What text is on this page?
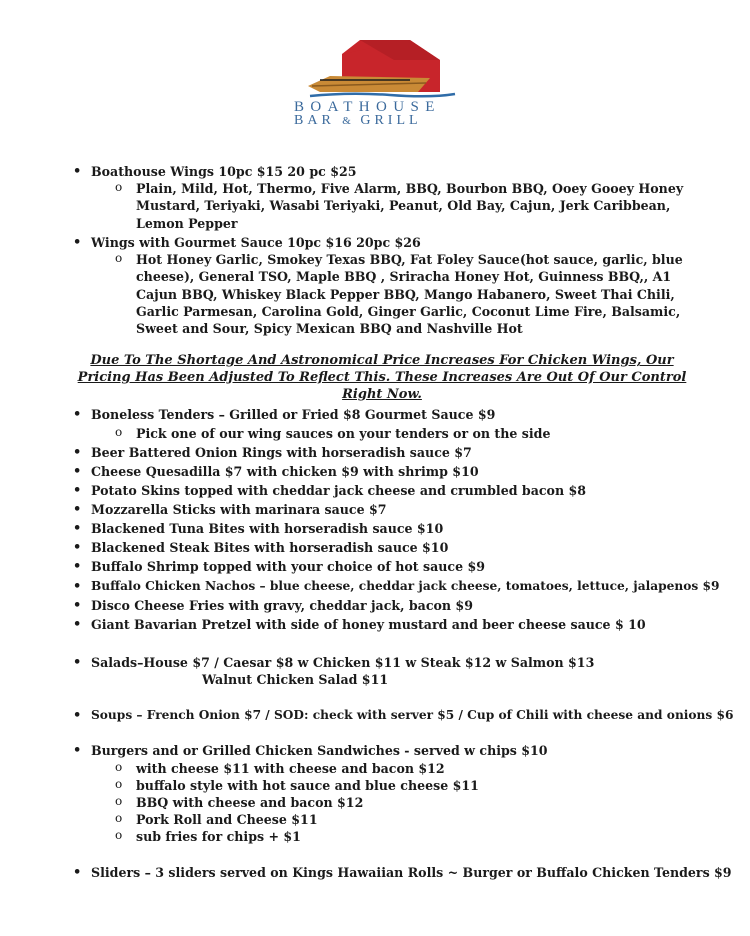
BOATHOUSE
BAR & GRILL
Boathouse Wings 10pc $15 20 pc $25
Plain, Mild, Hot, Thermo, Five Alarm, BBQ, Bourbon BBQ, Ooey Gooey Honey Mustard, Teriyaki, Wasabi Teriyaki, Peanut, Old Bay, Cajun, Jerk Caribbean, Lemon Pepper
Wings with Gourmet Sauce 10pc $16 20pc $26
Hot Honey Garlic, Smokey Texas BBQ, Fat Foley Sauce(hot sauce, garlic, blue cheese), General TSO, Maple BBQ , Sriracha Honey Hot, Guinness BBQ,, A1 Cajun BBQ, Whiskey Black Pepper BBQ, Mango Habanero, Sweet Thai Chili, Garlic Parmesan, Carolina Gold, Ginger Garlic, Coconut Lime Fire, Balsamic, Sweet and Sour, Spicy Mexican BBQ and Nashville Hot
Due To The Shortage And Astronomical Price Increases For Chicken Wings, Our Pricing Has Been Adjusted To Reflect This. These Increases Are Out Of Our Control Right Now.
Boneless Tenders – Grilled or Fried $8 Gourmet Sauce $9
Pick one of our wing sauces on your tenders or on the side
Beer Battered Onion Rings with horseradish sauce $7
Cheese Quesadilla $7 with chicken $9 with shrimp $10
Potato Skins topped with cheddar jack cheese and crumbled bacon $8
Mozzarella Sticks with marinara sauce $7
Blackened Tuna Bites with horseradish sauce $10
Blackened Steak Bites with horseradish sauce $10
Buffalo Shrimp topped with your choice of hot sauce $9
Buffalo Chicken Nachos – blue cheese, cheddar jack cheese, tomatoes, lettuce, jalapenos $9
Disco Cheese Fries with gravy, cheddar jack, bacon $9
Giant Bavarian Pretzel with side of honey mustard and beer cheese sauce $ 10
Salads–House $7 / Caesar $8 w Chicken $11 w Steak $12 w Salmon $13
Walnut Chicken Salad $11
Soups – French Onion $7 / SOD: check with server $5 / Cup of Chili with cheese and onions $6
Burgers and or Grilled Chicken Sandwiches - served w chips $10
with cheese $11 with cheese and bacon $12
buffalo style with hot sauce and blue cheese $11
BBQ with cheese and bacon $12
Pork Roll and Cheese $11
sub fries for chips + $1
Sliders – 3 sliders served on Kings Hawaiian Rolls ~ Burger or Buffalo Chicken Tenders $9
